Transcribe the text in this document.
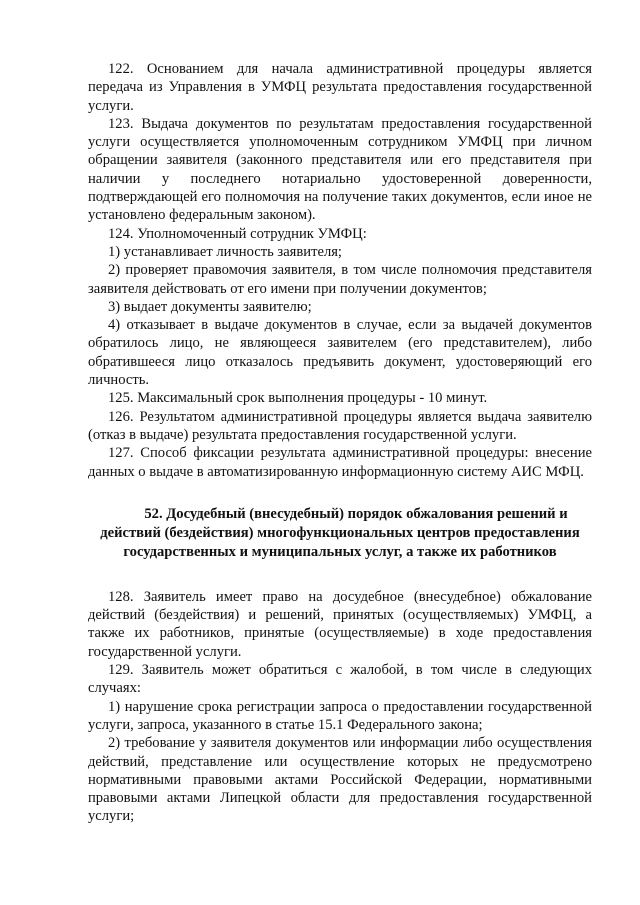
122. Основанием для начала административной процедуры является передача из Управления в УМФЦ результата предоставления государственной услуги.

123. Выдача документов по результатам предоставления государственной услуги осуществляется уполномоченным сотрудником УМФЦ при личном обращении заявителя (законного представителя или его представителя при наличии у последнего нотариально удостоверенной доверенности, подтверждающей его полномочия на получение таких документов, если иное не установлено федеральным законом).

124. Уполномоченный сотрудник УМФЦ:

1) устанавливает личность заявителя;

2) проверяет правомочия заявителя, в том числе полномочия представителя заявителя действовать от его имени при получении документов;

3) выдает документы заявителю;

4) отказывает в выдаче документов в случае, если за выдачей документов обратилось лицо, не являющееся заявителем (его представителем), либо обратившееся лицо отказалось предъявить документ, удостоверяющий его личность.

125. Максимальный срок выполнения процедуры - 10 минут.

126. Результатом административной процедуры является выдача заявителю (отказ в выдаче) результата предоставления государственной услуги.

127. Способ фиксации результата административной процедуры: внесение данных о выдаче в автоматизированную информационную систему АИС МФЦ.

52. Досудебный (внесудебный) порядок обжалования решений и
действий (бездействия) многофункциональных центров предоставления государственных и муниципальных услуг, а также их работников

128. Заявитель имеет право на досудебное (внесудебное) обжалование действий (бездействия) и решений, принятых (осуществляемых) УМФЦ, а также их работников, принятые (осуществляемые) в ходе предоставления государственной услуги.

129. Заявитель может обратиться с жалобой, в том числе в следующих случаях:

1) нарушение срока регистрации запроса о предоставлении государственной услуги, запроса, указанного в статье 15.1 Федерального закона;

2) требование у заявителя документов или информации либо осуществления действий, представление или осуществление которых не предусмотрено нормативными правовыми актами Российской Федерации, нормативными правовыми актами Липецкой области для предоставления государственной услуги;
